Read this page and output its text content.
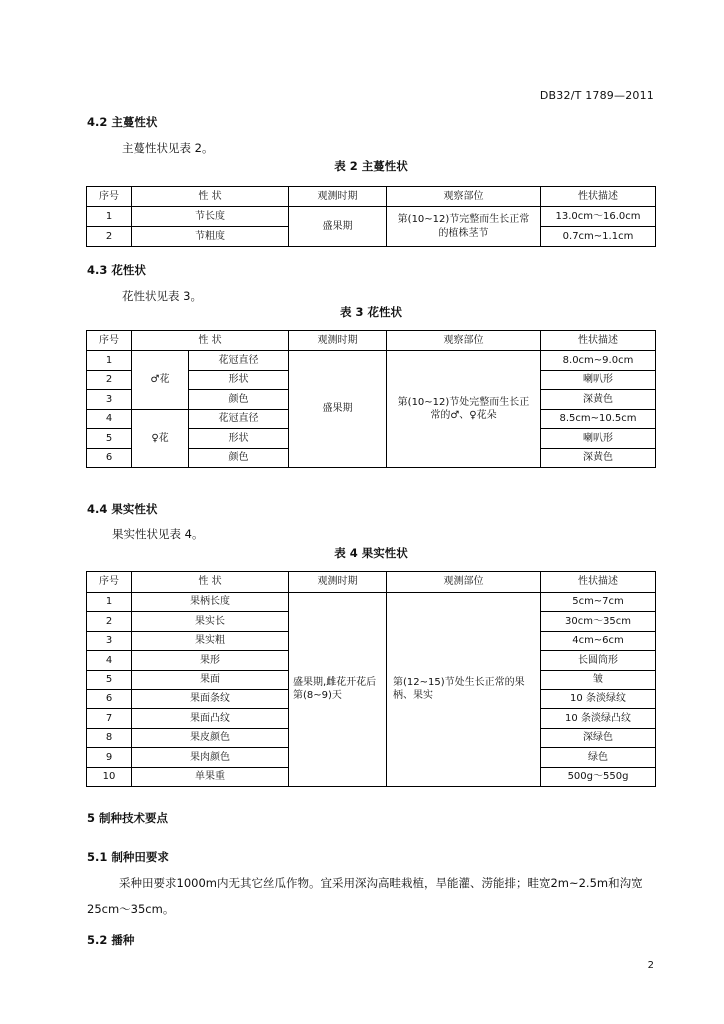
DB32/T 1789—2011
4.2 主蔓性状
主蔓性状见表 2。
表 2 主蔓性状
序号	性 状	观测时期	观察部位	性状描述
1	节长度	盛果期	第(10~12)节完整而生长正常的植株茎节	13.0cm～16.0cm
2	节粗度			0.7cm~1.1cm
4.3 花性状
花性状见表 3。
表 3 花性状
序号	性 状		观测时期	观察部位	性状描述
1	♂花	花冠直径	盛果期	第(10~12)节处完整而生长正常的♂、♀花朵	8.0cm~9.0cm
2		形状			喇叭形
3		颜色			深黄色
4	♀花	花冠直径			8.5cm~10.5cm
5		形状			喇叭形
6		颜色			深黄色
4.4 果实性状
果实性状见表 4。
表 4 果实性状
序号	性 状	观测时期	观测部位	性状描述
1	果柄长度	盛果期,雌花开花后第(8~9)天	第(12~15)节处生长正常的果柄、果实	5cm~7cm
2	果实长			30cm～35cm
3	果实粗			4cm~6cm
4	果形			长圆筒形
5	果面			皱
6	果面条纹			10 条淡绿纹
7	果面凸纹			10 条淡绿凸纹
8	果皮颜色			深绿色
9	果肉颜色			绿色
10	单果重			500g～550g
5 制种技术要点
5.1 制种田要求
采种田要求1000m内无其它丝瓜作物。宜采用深沟高畦栽植，旱能灌、涝能排；畦宽2m~2.5m和沟宽25cm～35cm。
5.2 播种
2
